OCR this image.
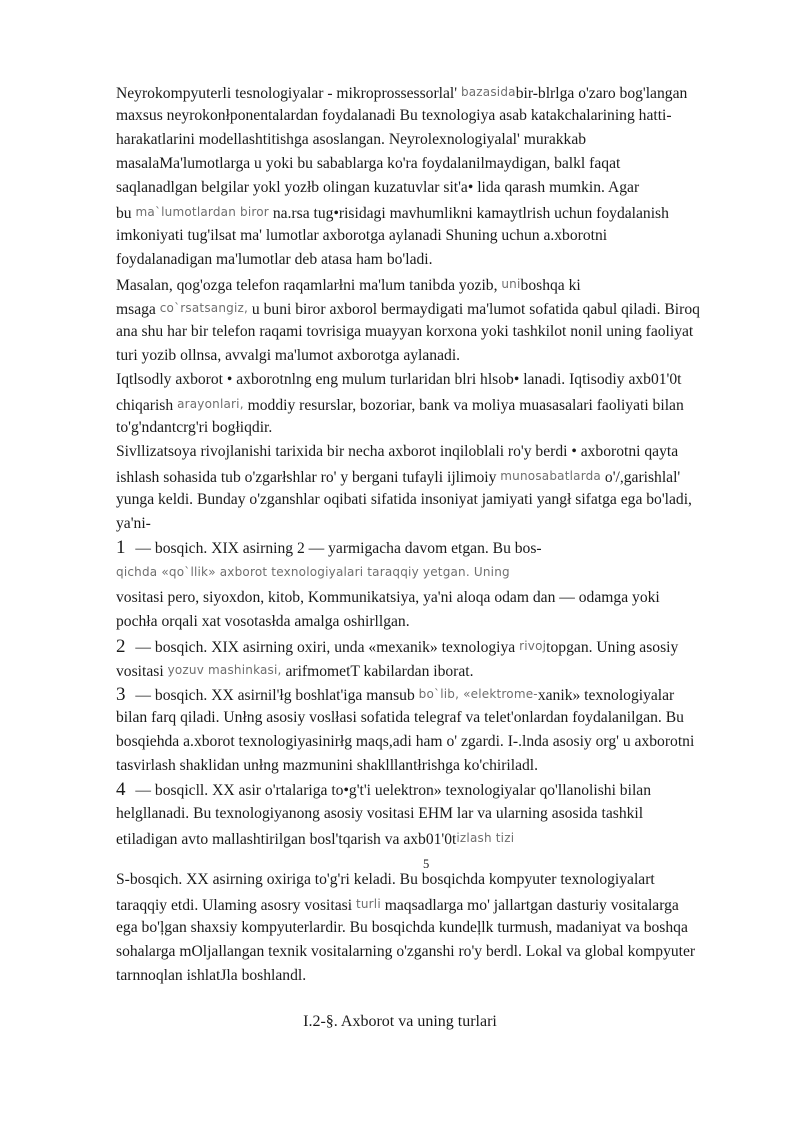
Neyrokompyuterli tesnologiyalar - mikroprossessorlal' bazasidabir-blrlga o'zaro bog'langan
maxsus neyrokonłponentalardan foydalanadi Bu texnologiya asab katakchalarining hatti-
harakatlarini modellashtitishga asoslangan. Neyrolexnologiyalal' murakkab
masalaMa'lumotlarga u yoki bu sabablarga ko'ra foydalanilmaydigan, balkl faqat
saqlanadlgan belgilar yokl yozłb olingan kuzatuvlar sit'a• lida qarash mumkin. Agar
bu ma`lumotlardan biror na.rsa tug•risidagi mavhumlikni kamaytlrish uchun foydalanish
imkoniyati tug'ilsat ma' lumotlar axborotga aylanadi Shuning uchun a.xborotni
foydalanadigan ma'lumotlar deb atasa ham bo'ladi.
Masalan, qog'ozga telefon raqamlarłni ma'lum tanibda yozib, uniboshqa ki
msaga co`rsatsangiz, u buni biror axborol bermaydigati ma'lumot sofatida qabul qiladi. Biroq
ana shu har bir telefon raqami tovrisiga muayyan korxona yoki tashkilot nonil uning faoliyat
turi yozib ollnsa, avvalgi ma'lumot axborotga aylanadi.
Iqtlsodly axborot • axborotnlng eng mulum turlaridan blri hlsob• lanadi. Iqtisodiy axb01'0t
chiqarish arayonlari, moddiy resurslar, bozoriar, bank va moliya muasasalari faoliyati bilan
to'g'ndantcrg'ri bogłiqdir.
Sivllizatsoya rivojlanishi tarixida bir necha axborot inqiloblali ro'y berdi • axborotni qayta
ishlash sohasida tub o'zgarłshlar ro' y bergani tufayli ijlimoiy munosabatlarda o'/,garishlal'
yunga keldi. Bunday o'zganshlar oqibati sifatida insoniyat jamiyati yangł sifatga ega bo'ladi,
ya'ni-
1 — bosqich. XIX asirning 2 — yarmigacha davom etgan. Bu bos-
qichda «qo`llik» axborot texnologiyalari taraqqiy yetgan. Uning
vositasi pero, siyoxdon, kitob, Kommunikatsiya, ya'ni aloqa odam dan — odamga yoki
pochła orqali xat vosotasłda amalga oshirllgan.
2 — bosqich. XIX asirning oxiri, unda «mexanik» texnologiya rivojtopgan. Uning asosiy
vositasi yozuv mashinkasi, arifmometT kabilardan iborat.
3 — bosqich. XX asirnil'łg boshlat'iga mansub bo`lib, «elektrome-xanik» texnologiyalar
bilan farq qiladi. Unłng asosiy voslłasi sofatida telegraf va telet'onlardan foydalanilgan. Bu
bosqiehda a.xborot texnologiyasinirłg maqs,adi ham o' zgardi. I-.lnda asosiy org' u axborotni
tasvirlash shaklidan unłng mazmunini shaklllantłrishga ko'chiriladl.
4 — bosqicll. XX asir o'rtalariga to•g't'i uelektron» texnologiyalar qo'llanolishi bilan
helgllanadi. Bu texnologiyanong asosiy vositasi EHM lar va ularning asosida tashkil
etiladigan avto mallashtirilgan bosl'tqarish va axb01'0tizlash tizi
S-bosqich. XX asirning oxiriga to'g'ri keladi. Bu bosqichda kompyuter texnologiyalart
taraqqiy etdi. Ulaming asosry vositasi turli maqsadlarga mo' jallartgan dasturiy vositalarga
ega bo'ļgan shaxsiy kompyuterlardir. Bu bosqichda kundeļlk turmush, madaniyat va boshqa
sohalarga mOljallangan texnik vositalarning o'zganshi ro'y berdl. Lokal va global kompyuter
tarnnoqlan ishlatJla boshlandl.
5
I.2-§. Axborot va uning turlari
